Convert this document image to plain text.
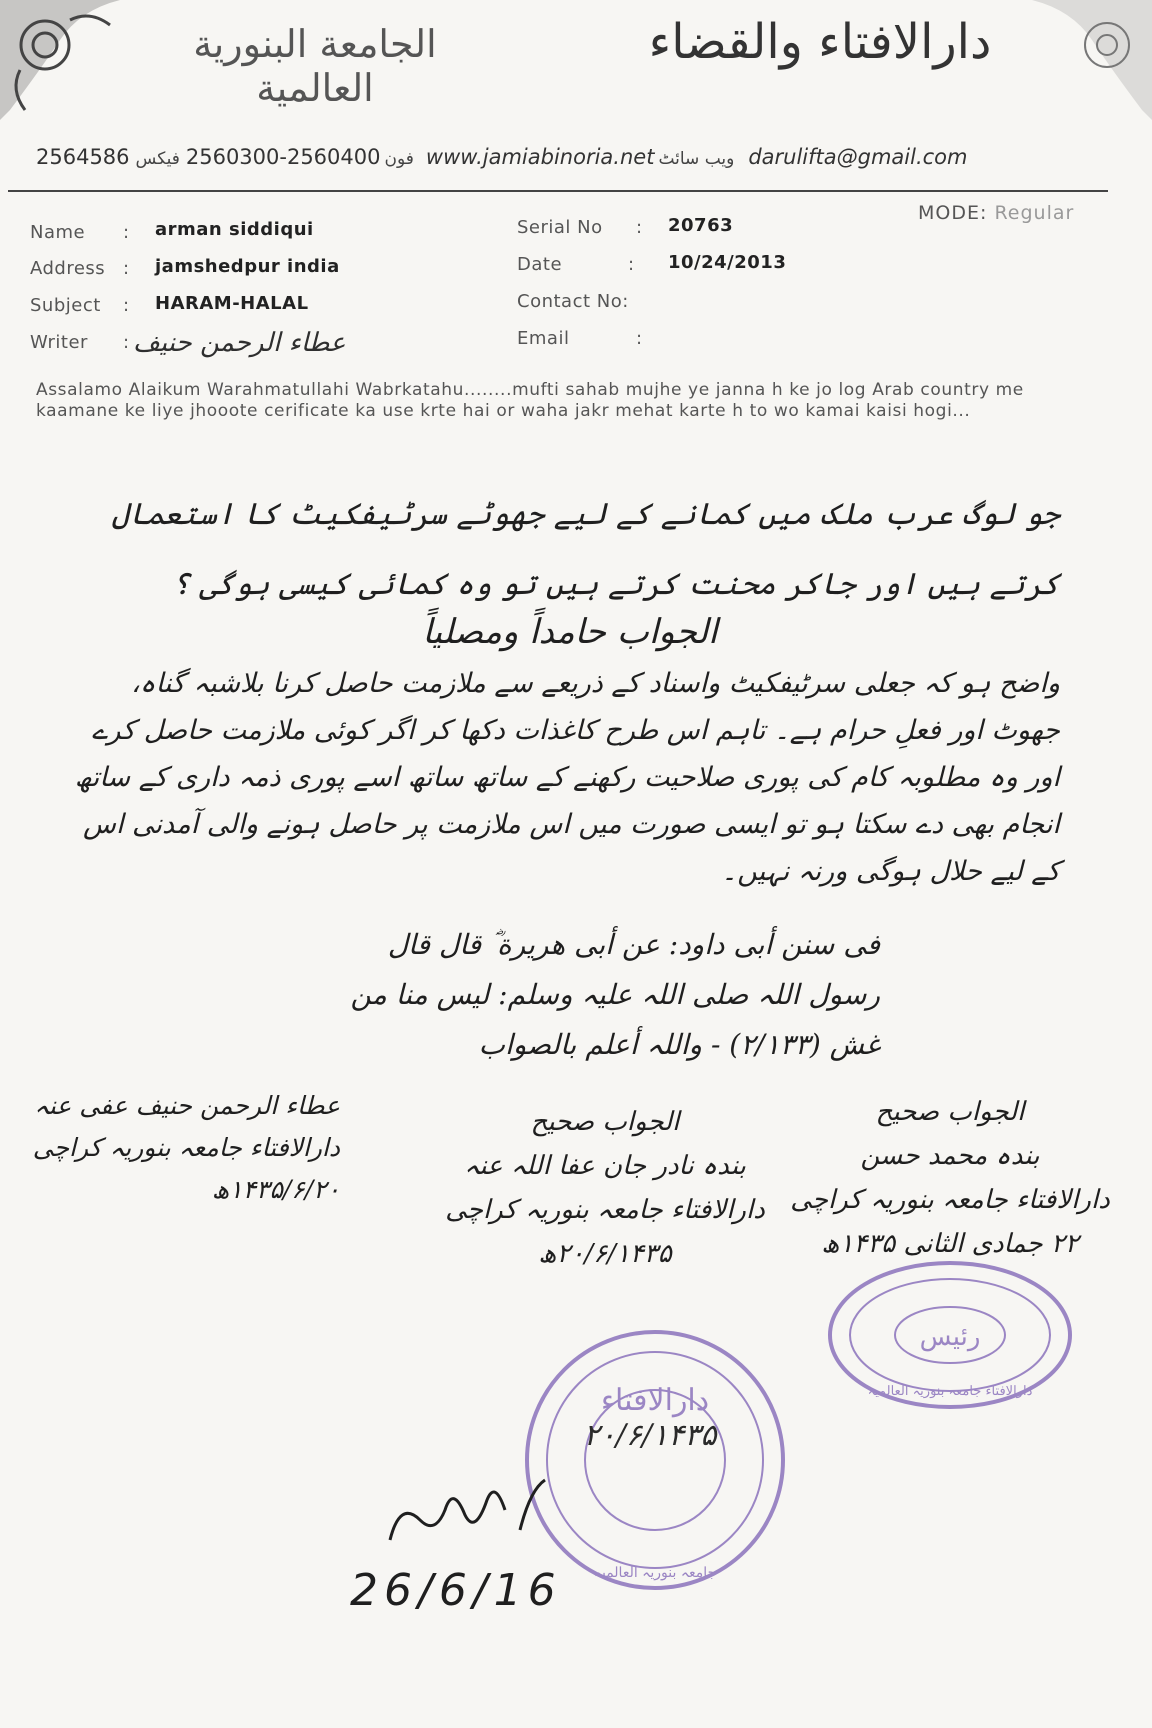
الجامعة البنورية العالمية
دارالافتاء والقضاء
2564586 فیکس 2560300-2560400 فون www.jamiabinoria.net ویب سائٹ darulifta@gmail.com
MODE: Regular
Name : arman siddiqui
Address : jamshedpur india
Subject : HARAM-HALAL
Writer : عطاء الرحمن حنیف
Serial No : 20763
Date	: 10/24/2013
Contact No:
Email	:
Assalamo Alaikum Warahmatullahi Wabrkatahu........mufti sahab mujhe ye janna h ke jo log Arab country me kaamane ke liye jhooote cerificate ka use krte hai or waha jakr mehat karte h to wo kamai kaisi hogi...
جو لوگ عرب ملک میں کمانے کے لیے جھوٹے سرٹیفکیٹ کا استعمال کرتے ہیں اور جاکر محنت کرتے ہیں تو وہ کمائی کیسی ہوگی ؟
الجواب حامداً ومصلیاً
واضح ہو کہ جعلی سرٹیفکیٹ واسناد کے ذریعے سے ملازمت حاصل کرنا بلاشبہ گناہ، جھوٹ اور فعلِ حرام ہے۔ تاہم اس طرح کاغذات دکھا کر اگر کوئی ملازمت حاصل کرے اور وہ مطلوبہ کام کی پوری صلاحیت رکھنے کے ساتھ ساتھ اسے پوری ذمہ داری کے ساتھ انجام بھی دے سکتا ہو تو ایسی صورت میں اس ملازمت پر حاصل ہونے والی آمدنی اس کے لیے حلال ہوگی ورنہ نہیں۔
فی سنن أبی داود: عن أبی هريرة ؓ قال قال
رسول اللہ صلی اللہ علیہ وسلم: لیس منا من
غش (۲/۱۳۳) - واللہ أعلم بالصواب
عطاء الرحمن حنیف عفی عنہ
دارالافتاء جامعہ بنوریہ کراچی
۱۴۳۵/۶/۲۰ھ
الجواب صحیح
بندہ نادر جان عفا اللہ عنہ
دارالافتاء جامعہ بنوریہ کراچی
۲۰/۶/۱۴۳۵ھ
الجواب صحیح
بندہ محمد حسن
دارالافتاء جامعہ بنوریہ کراچی
۲۲ جمادی الثانی ۱۴۳۵ھ
رئیس
دارالافتاء جامعہ بنوریہ العالمیہ
دارالافتاء
جامعہ بنوریہ العالمیہ
۲۰/۶/۱۴۳۵
26/6/16
